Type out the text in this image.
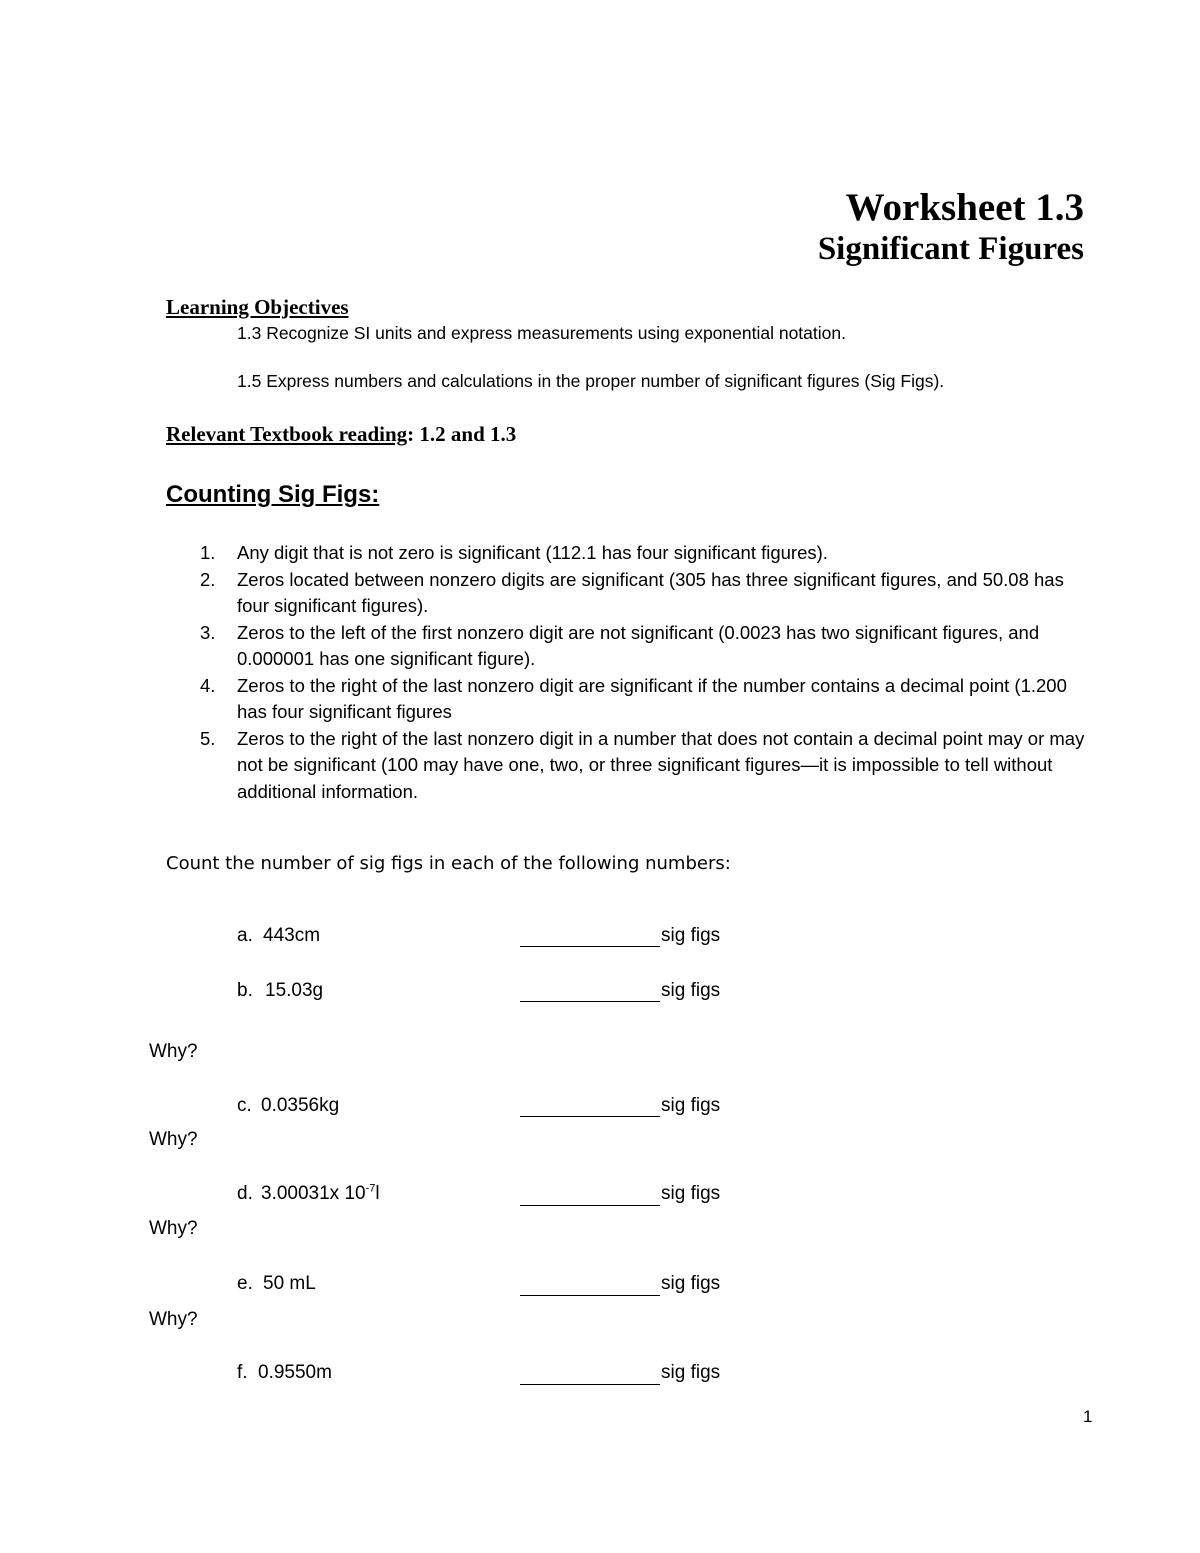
Worksheet 1.3
Significant Figures
Learning Objectives
1.3 Recognize SI units and express measurements using exponential notation.
1.5 Express numbers and calculations in the proper number of significant figures (Sig Figs).
Relevant Textbook reading: 1.2 and 1.3
Counting Sig Figs:
1. Any digit that is not zero is significant (112.1 has four significant figures).
2. Zeros located between nonzero digits are significant (305 has three significant figures, and 50.08 has four significant figures).
3. Zeros to the left of the first nonzero digit are not significant (0.0023 has two significant figures, and 0.000001 has one significant figure).
4. Zeros to the right of the last nonzero digit are significant if the number contains a decimal point (1.200 has four significant figures
5. Zeros to the right of the last nonzero digit in a number that does not contain a decimal point may or may not be significant (100 may have one, two, or three significant figures—it is impossible to tell without additional information.
Count the number of sig figs in each of the following numbers:
a. 443cm	sig figs
b. 15.03g	sig figs
Why?
c. 0.0356kg	sig figs
Why?
d. 3.00031x $10^{-7}l$	sig figs
Why?
e. 50 mL	sig figs
Why?
f. 0.9550m	sig figs
1
